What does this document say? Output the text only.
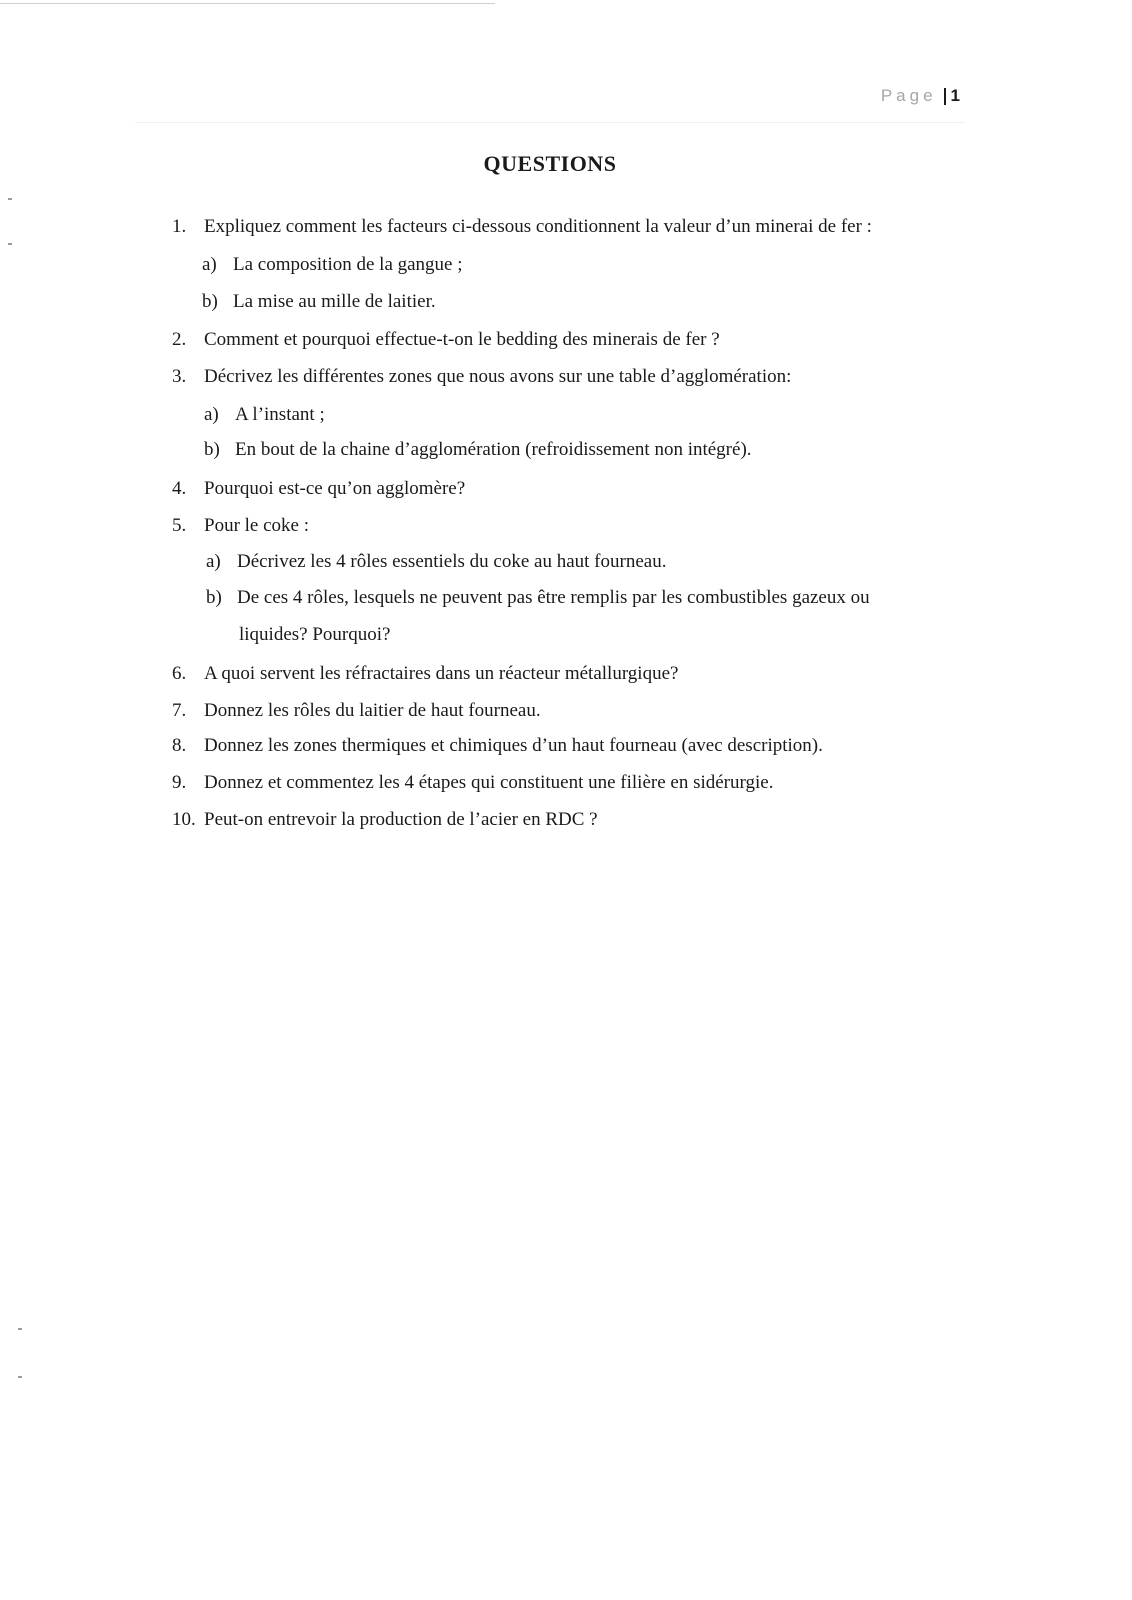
Page 1
QUESTIONS
1. Expliquez comment les facteurs ci-dessous conditionnent la valeur d’un minerai de fer :
a) La composition de la gangue ;
b) La mise au mille de laitier.
2. Comment et pourquoi effectue-t-on le bedding des minerais de fer ?
3. Décrivez les différentes zones que nous avons sur une table d’agglomération:
a) A l’instant ;
b) En bout de la chaine d’agglomération (refroidissement non intégré).
4. Pourquoi est-ce qu’on agglomère?
5. Pour le coke :
a) Décrivez les 4 rôles essentiels du coke au haut fourneau.
b) De ces 4 rôles, lesquels ne peuvent pas être remplis par les combustibles gazeux ou
liquides? Pourquoi?
6. A quoi servent les réfractaires dans un réacteur métallurgique?
7. Donnez les rôles du laitier de haut fourneau.
8. Donnez les zones thermiques et chimiques d’un haut fourneau (avec description).
9. Donnez et commentez les 4 étapes qui constituent une filière en sidérurgie.
10. Peut-on entrevoir la production de l’acier en RDC ?
